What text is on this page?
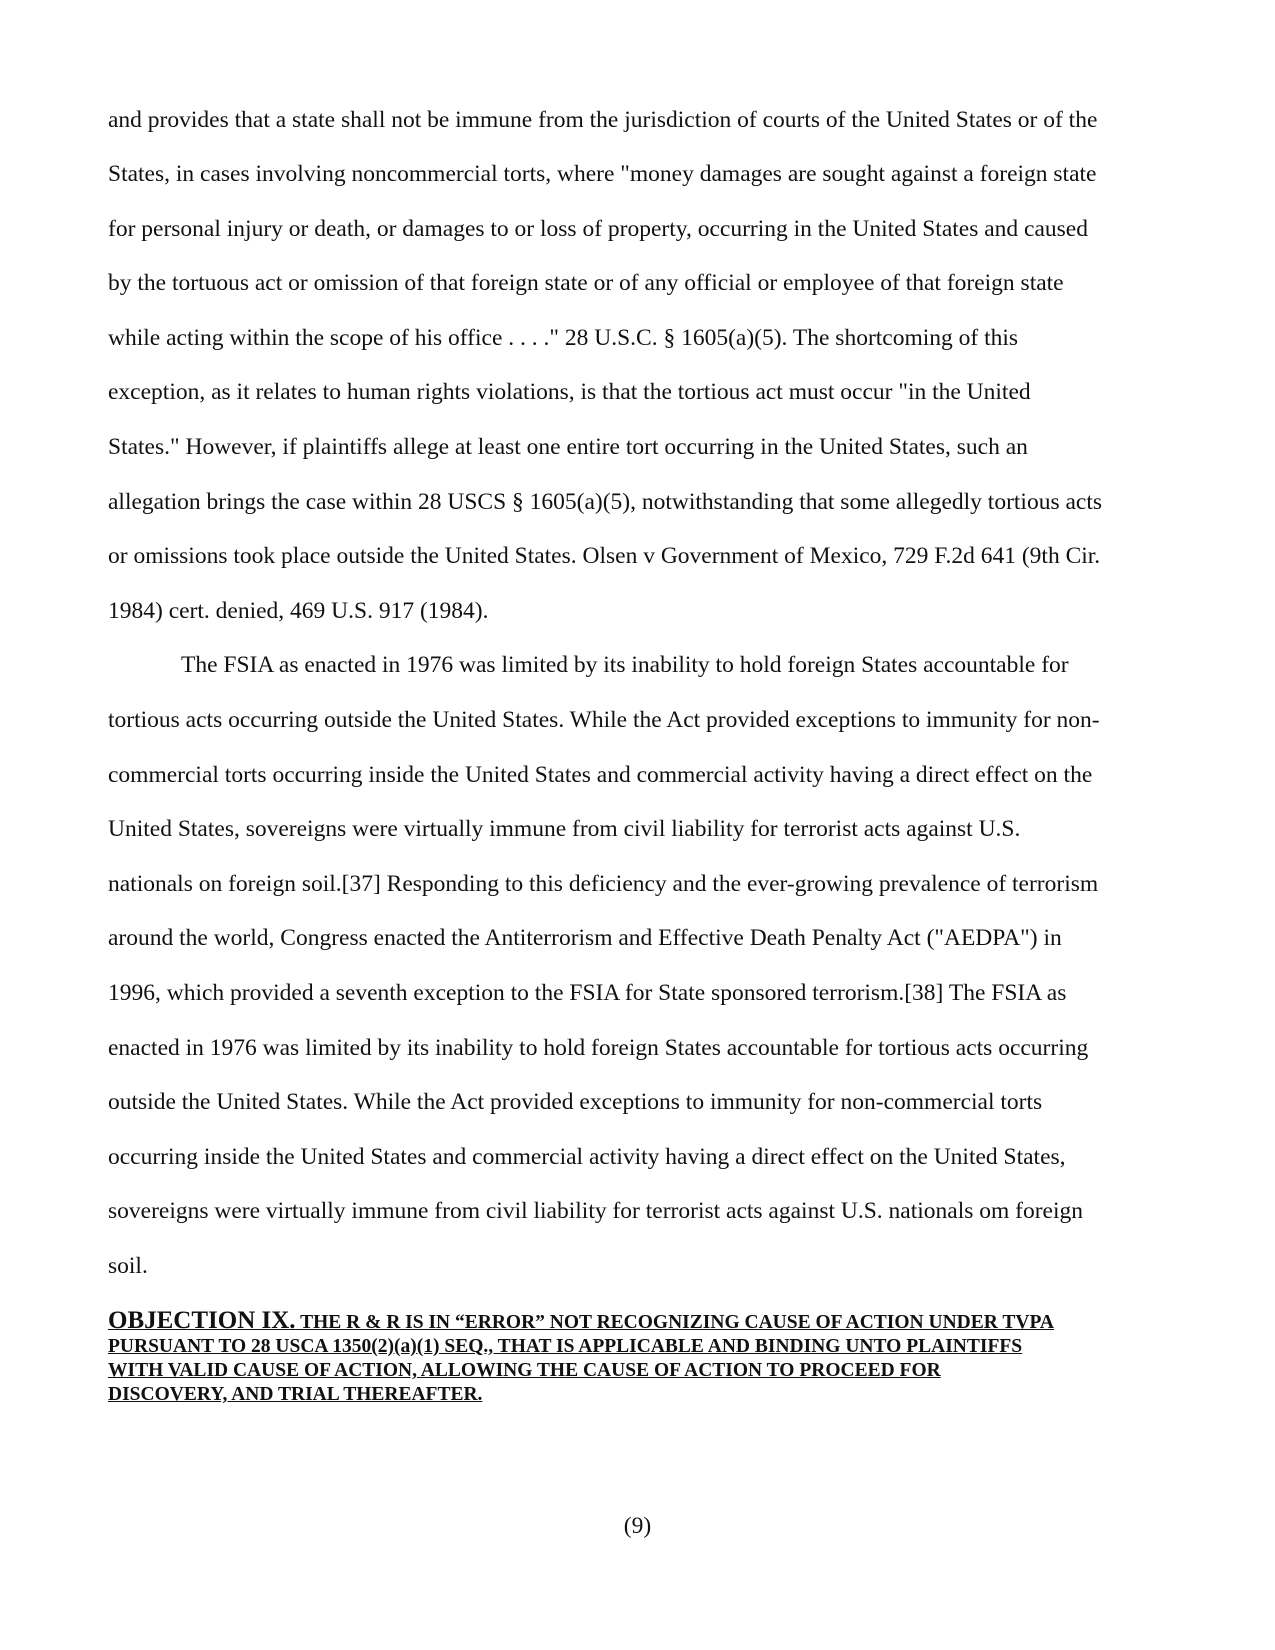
and provides that a state shall not be immune from the jurisdiction of courts of the United States or of the
States, in cases involving noncommercial torts, where "money damages are sought against a foreign state
for personal injury or death, or damages to or loss of property, occurring in the United States and caused
by the tortuous act or omission of that foreign state or of any official or employee of that foreign state
while acting within the scope of his office . . . ." 28 U.S.C. § 1605(a)(5). The shortcoming of this
exception, as it relates to human rights violations, is that the tortious act must occur "in the United
States." However, if plaintiffs allege at least one entire tort occurring in the United States, such an
allegation brings the case within 28 USCS § 1605(a)(5), notwithstanding that some allegedly tortious acts
or omissions took place outside the United States. Olsen v Government of Mexico, 729 F.2d 641 (9th Cir.
1984) cert. denied, 469 U.S. 917 (1984).
The FSIA as enacted in 1976 was limited by its inability to hold foreign States accountable for
tortious acts occurring outside the United States. While the Act provided exceptions to immunity for non-
commercial torts occurring inside the United States and commercial activity having a direct effect on the
United States, sovereigns were virtually immune from civil liability for terrorist acts against U.S.
nationals on foreign soil.[37] Responding to this deficiency and the ever-growing prevalence of terrorism
around the world, Congress enacted the Antiterrorism and Effective Death Penalty Act ("AEDPA") in
1996, which provided a seventh exception to the FSIA for State sponsored terrorism.[38] The FSIA as
enacted in 1976 was limited by its inability to hold foreign States accountable for tortious acts occurring
outside the United States. While the Act provided exceptions to immunity for non-commercial torts
occurring inside the United States and commercial activity having a direct effect on the United States,
sovereigns were virtually immune from civil liability for terrorist acts against U.S. nationals om foreign
soil.
OBJECTION IX. THE R & R IS IN “ERROR” NOT RECOGNIZING CAUSE OF ACTION UNDER TVPA
PURSUANT TO 28 USCA 1350(2)(a)(1) SEQ., THAT IS APPLICABLE AND BINDING UNTO PLAINTIFFS
WITH VALID CAUSE OF ACTION, ALLOWING THE CAUSE OF ACTION TO PROCEED FOR
DISCOVERY, AND TRIAL THEREAFTER.
(9)
